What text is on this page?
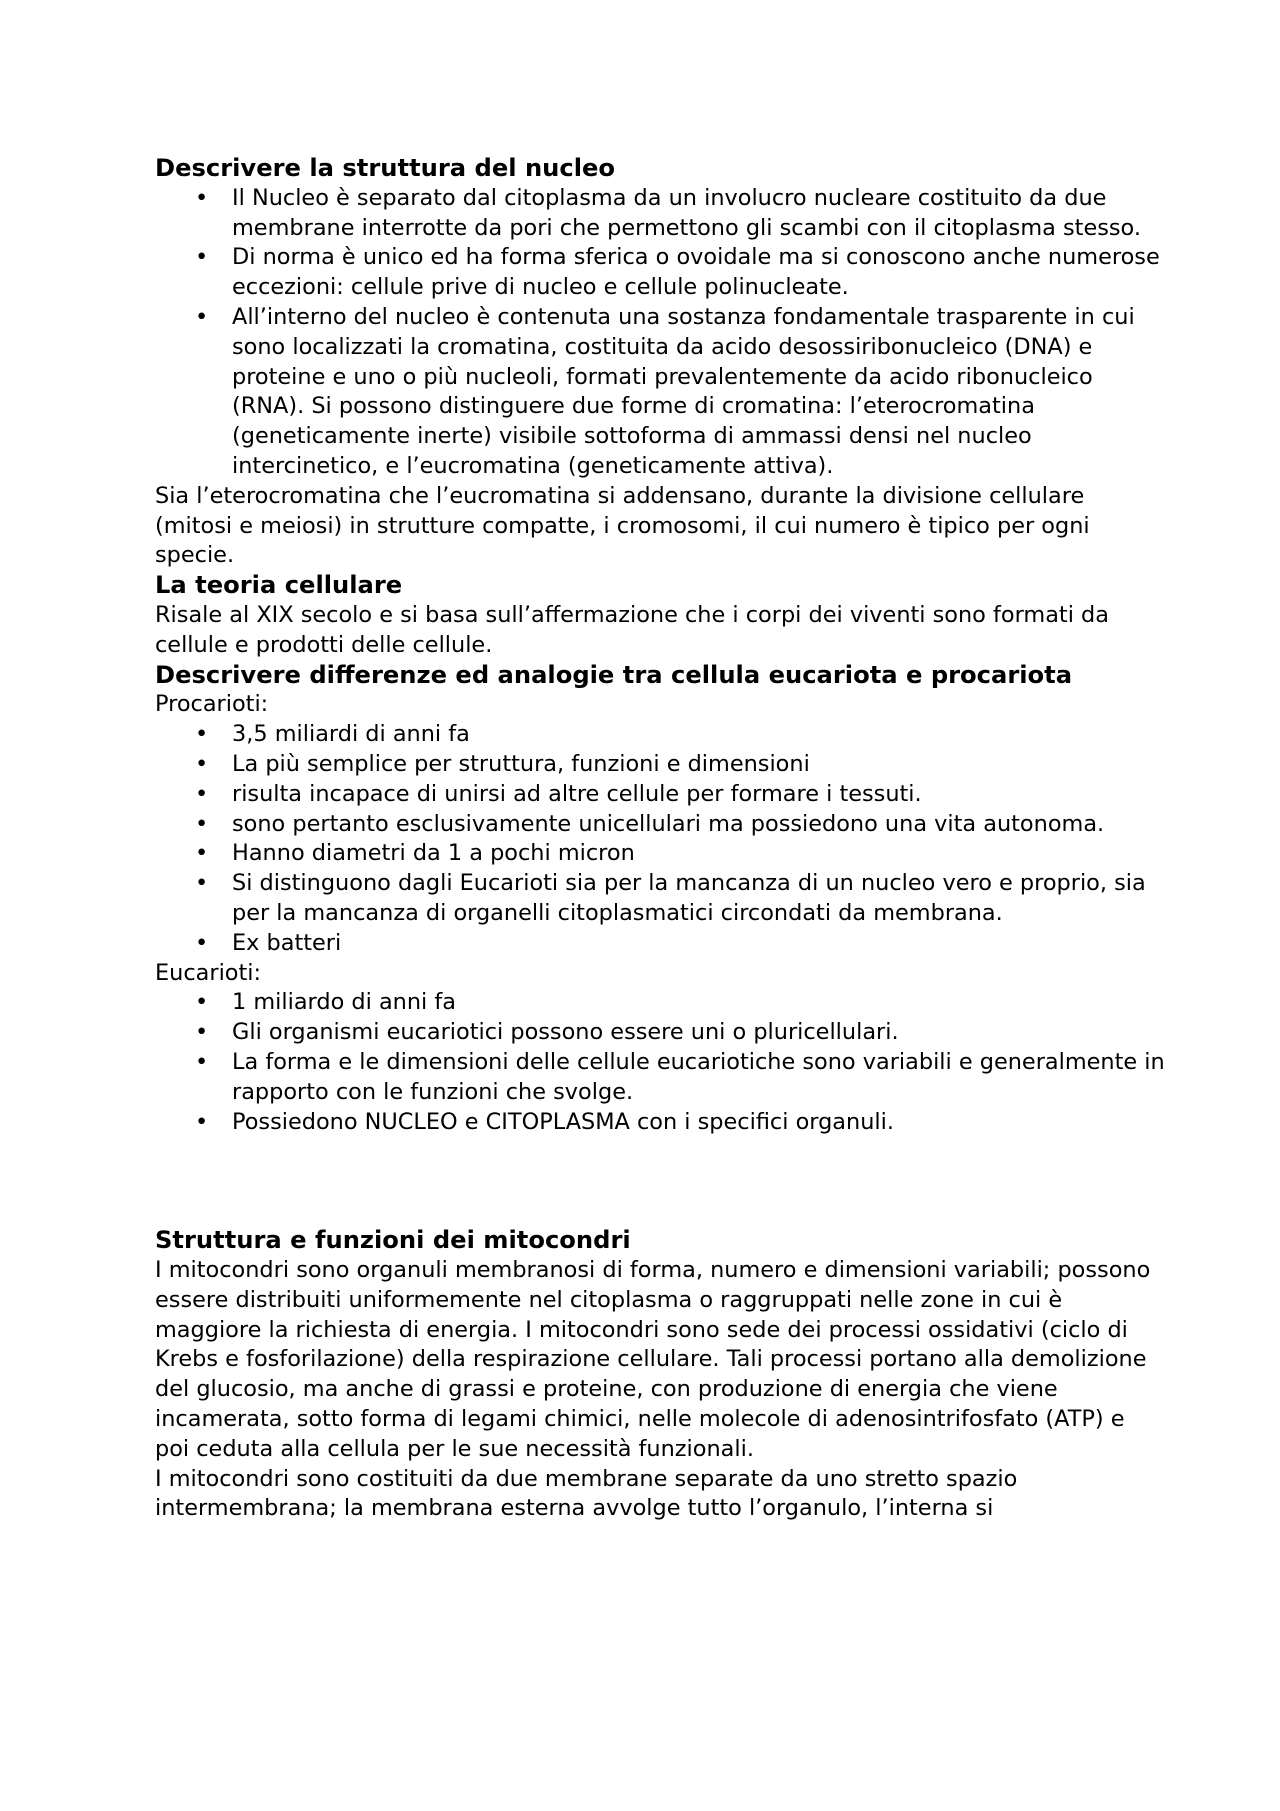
Descrivere la struttura del nucleo
• Il Nucleo è separato dal citoplasma da un involucro nucleare costituito da due membrane interrotte da pori che permettono gli scambi con il citoplasma stesso.
• Di norma è unico ed ha forma sferica o ovoidale ma si conoscono anche numerose eccezioni: cellule prive di nucleo e cellule polinucleate.
• All’interno del nucleo è contenuta una sostanza fondamentale trasparente in cui sono localizzati la cromatina, costituita da acido desossiribonucleico (DNA) e proteine e uno o più nucleoli, formati prevalentemente da acido ribonucleico (RNA). Si possono distinguere due forme di cromatina: l’eterocromatina (geneticamente inerte) visibile sottoforma di ammassi densi nel nucleo intercinetico, e l’eucromatina (geneticamente attiva).

Sia l’eterocromatina che l’eucromatina si addensano, durante la divisione cellulare (mitosi e meiosi) in strutture compatte, i cromosomi, il cui numero è tipico per ogni specie.

La teoria cellulare

Risale al XIX secolo e si basa sull’affermazione che i corpi dei viventi sono formati da cellule e prodotti delle cellule.

Descrivere differenze ed analogie tra cellula eucariota e procariota

Procarioti:

• 3,5 miliardi di anni fa
• La più semplice per struttura, funzioni e dimensioni
• risulta incapace di unirsi ad altre cellule per formare i tessuti.
• sono pertanto esclusivamente unicellulari ma possiedono una vita autonoma.
• Hanno diametri da 1 a pochi micron
• Si distinguono dagli Eucarioti sia per la mancanza di un nucleo vero e proprio, sia per la mancanza di organelli citoplasmatici circondati da membrana.
• Ex batteri

Eucarioti:

• 1 miliardo di anni fa
• Gli organismi eucariotici possono essere uni o pluricellulari.
• La forma e le dimensioni delle cellule eucariotiche sono variabili e generalmente in rapporto con le funzioni che svolge.
• Possiedono NUCLEO e CITOPLASMA con i specifici organuli.
Struttura e funzioni dei mitocondri

I mitocondri sono organuli membranosi di forma, numero e dimensioni variabili; possono essere distribuiti uniformemente nel citoplasma o raggruppati nelle zone in cui è maggiore la richiesta di energia. I mitocondri sono sede dei processi ossidativi (ciclo di Krebs e fosforilazione) della respirazione cellulare. Tali processi portano alla demolizione del glucosio, ma anche di grassi e proteine, con produzione di energia che viene incamerata, sotto forma di legami chimici, nelle molecole di adenosintrifosfato (ATP) e poi ceduta alla cellula per le sue necessità funzionali.

I mitocondri sono costituiti da due membrane separate da uno stretto spazio intermembrana; la membrana esterna avvolge tutto l’organulo, l’interna si
